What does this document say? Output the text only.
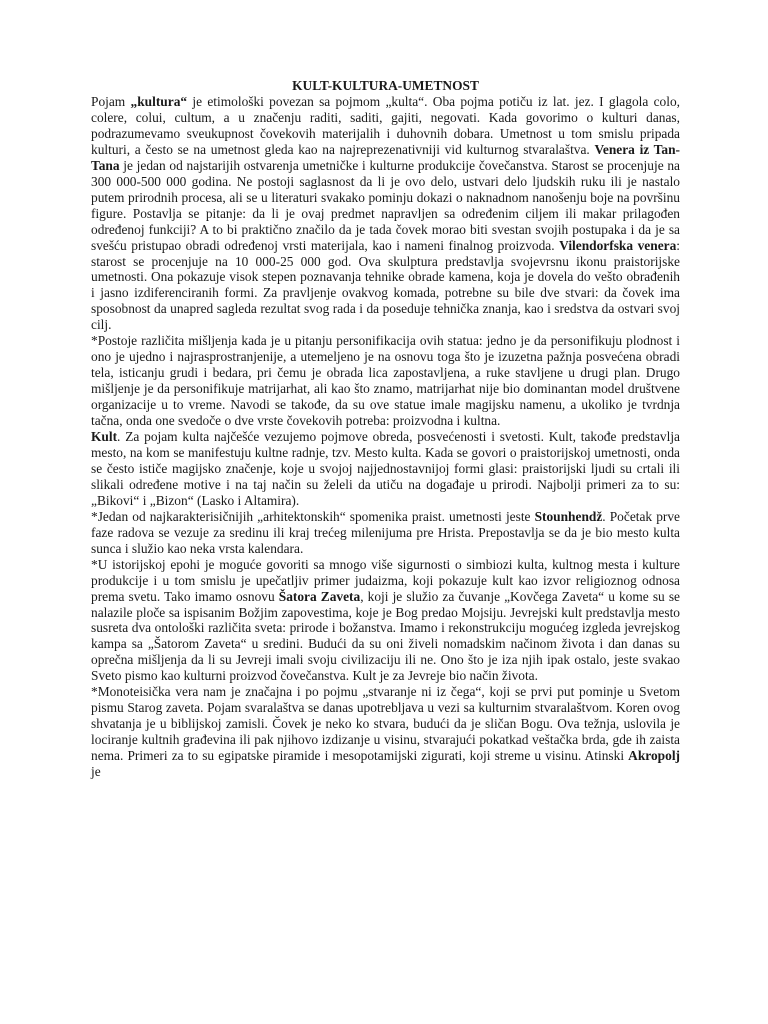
KULT-KULTURA-UMETNOST

Pojam „kultura“ je etimološki povezan sa pojmom „kulta“. Oba pojma potiču iz lat. jez. I glagola colo, colere, colui, cultum, a u značenju raditi, saditi, gajiti, negovati. Kada govorimo o kulturi danas, podrazumevamo sveukupnost čovekovih materijalih i duhovnih dobara. Umetnost u tom smislu pripada kulturi, a često se na umetnost gleda kao na najreprezenativniji vid kulturnog stvaralaštva. Venera iz Tan-Tana je jedan od najstarijih ostvarenja umetničke i kulturne produkcije čovečanstva. Starost se procenjuje na 300 000-500 000 godina. Ne postoji saglasnost da li je ovo delo, ustvari delo ljudskih ruku ili je nastalo putem prirodnih procesa, ali se u literaturi svakako pominju dokazi o naknadnom nanošenju boje na površinu figure. Postavlja se pitanje: da li je ovaj predmet napravljen sa određenim ciljem ili makar prilagođen određenoj funkciji? A to bi praktično značilo da je tada čovek morao biti svestan svojih postupaka i da je sa svešću pristupao obradi određenoj vrsti materijala, kao i nameni finalnog proizvoda. Vilendorfska venera: starost se procenjuje na 10 000-25 000 god. Ova skulptura predstavlja svojevrsnu ikonu praistorijske umetnosti. Ona pokazuje visok stepen poznavanja tehnike obrade kamena, koja je dovela do vešto obrađenih i jasno izdiferenciranih formi. Za pravljenje ovakvog komada, potrebne su bile dve stvari: da čovek ima sposobnost da unapred sagleda rezultat svog rada i da poseduje tehnička znanja, kao i sredstva da ostvari svoj cilj.

*Postoje različita mišljenja kada je u pitanju personifikacija ovih statua: jedno je da personifikuju plodnost i ono je ujedno i najrasprostranjenije, a utemeljeno je na osnovu toga što je izuzetna pažnja posvećena obradi tela, isticanju grudi i bedara, pri čemu je obrada lica zapostavljena, a ruke stavljene u drugi plan. Drugo mišljenje je da personifikuje matrijarhat, ali kao što znamo, matrijarhat nije bio dominantan model društvene organizacije u to vreme. Navodi se takođe, da su ove statue imale magijsku namenu, a ukoliko je tvrdnja tačna, onda one svedoče o dve vrste čovekovih potreba: proizvodna i kultna.

Kult. Za pojam kulta najčešće vezujemo pojmove obreda, posvećenosti i svetosti. Kult, takođe predstavlja mesto, na kom se manifestuju kultne radnje, tzv. Mesto kulta. Kada se govori o praistorijskoj umetnosti, onda se često ističe magijsko značenje, koje u svojoj najjednostavnijoj formi glasi: praistorijski ljudi su crtali ili slikali određene motive i na taj način su želeli da utiču na događaje u prirodi. Najbolji primeri za to su: „Bikovi“ i „Bizon“ (Lasko i Altamira).

*Jedan od najkarakterisičnijih „arhitektonskih“ spomenika praist. umetnosti jeste Stounhendž. Početak prve faze radova se vezuje za sredinu ili kraj trećeg milenijuma pre Hrista. Prepostavlja se da je bio mesto kulta sunca i služio kao neka vrsta kalendara.

*U istorijskoj epohi je moguće govoriti sa mnogo više sigurnosti o simbiozi kulta, kultnog mesta i kulture produkcije i u tom smislu je upečatljiv primer judaizma, koji pokazuje kult kao izvor religioznog odnosa prema svetu. Tako imamo osnovu Šatora Zaveta, koji je služio za čuvanje „Kovčega Zaveta“ u kome su se nalazile ploče sa ispisanim Božjim zapovestima, koje je Bog predao Mojsiju. Jevrejski kult predstavlja mesto susreta dva ontološki različita sveta: prirode i božanstva. Imamo i rekonstrukciju mogućeg izgleda jevrejskog kampa sa „Šatorom Zaveta“ u sredini. Budući da su oni živeli nomadskim načinom života i dan danas su oprečna mišljenja da li su Jevreji imali svoju civilizaciju ili ne. Ono što je iza njih ipak ostalo, jeste svakao Sveto pismo kao kulturni proizvod čovečanstva. Kult je za Jevreje bio način života.

*Monoteisička vera nam je značajna i po pojmu „stvaranje ni iz čega“, koji se prvi put pominje u Svetom pismu Starog zaveta. Pojam svaralaštva se danas upotrebljava u vezi sa kulturnim stvaralaštvom. Koren ovog shvatanja je u biblijskoj zamisli. Čovek je neko ko stvara, budući da je sličan Bogu. Ova težnja, uslovila je lociranje kultnih građevina ili pak njihovo izdizanje u visinu, stvarajući pokatkad veštačka brda, gde ih zaista nema. Primeri za to su egipatske piramide i mesopotamijski zigurati, koji streme u visinu. Atinski Akropolj je
